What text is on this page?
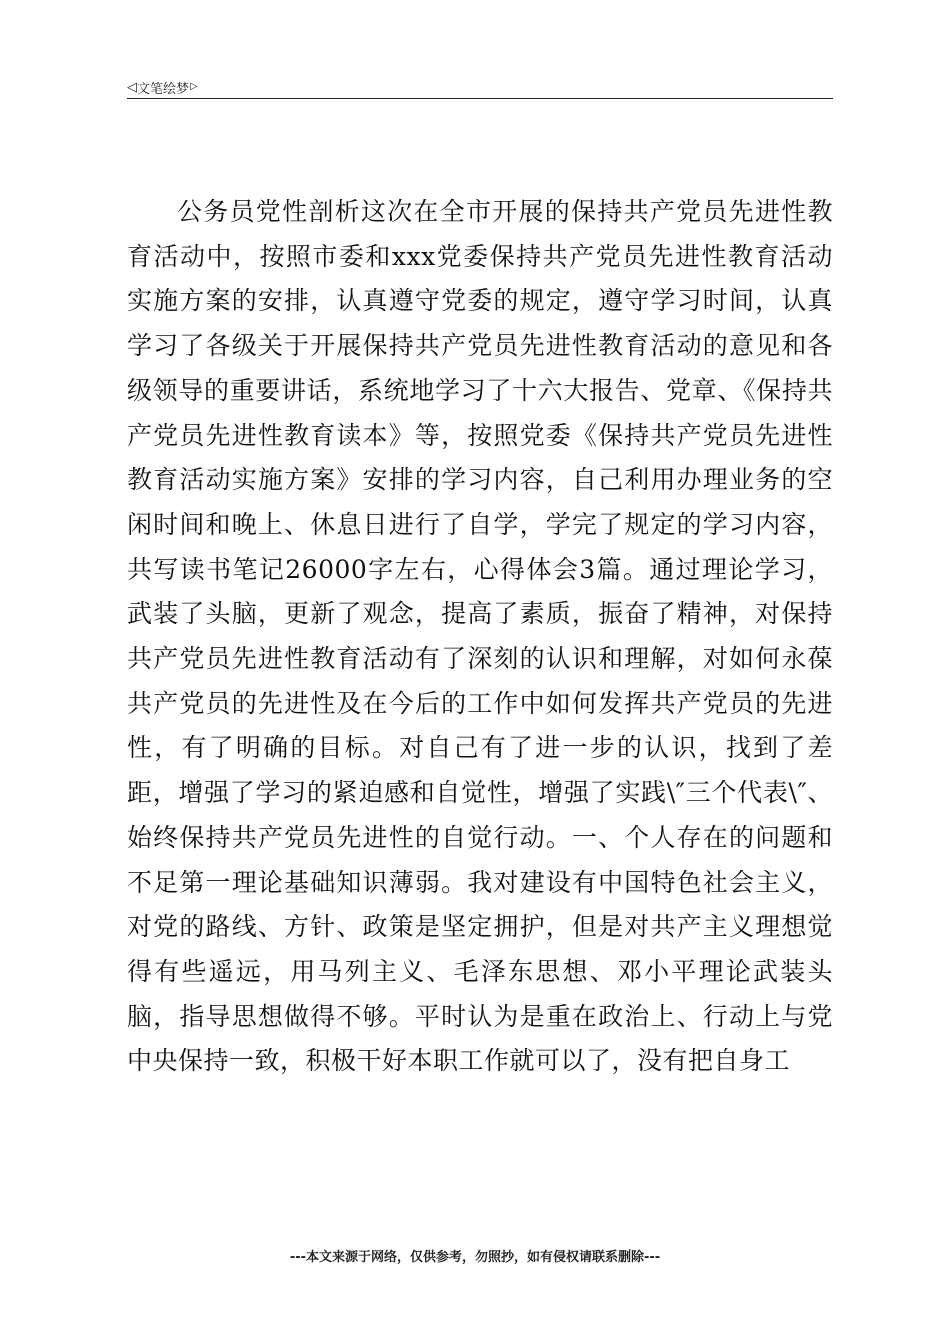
◁ 文笔绘梦 ▷

公务员党性剖析这次在全市开展的保持共产党员先进性教育活动中，按照市委和xxx党委保持共产党员先进性教育活动实施方案的安排，认真遵守党委的规定，遵守学习时间，认真学习了各级关于开展保持共产党员先进性教育活动的意见和各级领导的重要讲话，系统地学习了十六大报告、党章、《保持共产党员先进性教育读本》等，按照党委《保持共产党员先进性教育活动实施方案》安排的学习内容，自己利用办理业务的空闲时间和晚上、休息日进行了自学，学完了规定的学习内容，共写读书笔记26000字左右，心得体会3篇。通过理论学习，武装了头脑，更新了观念，提高了素质，振奋了精神，对保持共产党员先进性教育活动有了深刻的认识和理解，对如何永葆共产党员的先进性及在今后的工作中如何发挥共产党员的先进性，有了明确的目标。对自己有了进一步的认识，找到了差距，增强了学习的紧迫感和自觉性，增强了实践\″三个代表\″、始终保持共产党员先进性的自觉行动。一、个人存在的问题和不足第一理论基础知识薄弱。我对建设有中国特色社会主义，对党的路线、方针、政策是坚定拥护，但是对共产主义理想觉得有些遥远，用马列主义、毛泽东思想、邓小平理论武装头脑，指导思想做得不够。平时认为是重在政治上、行动上与党中央保持一致，积极干好本职工作就可以了，没有把自身工

---本文来源于网络，仅供参考，勿照抄，如有侵权请联系删除---
